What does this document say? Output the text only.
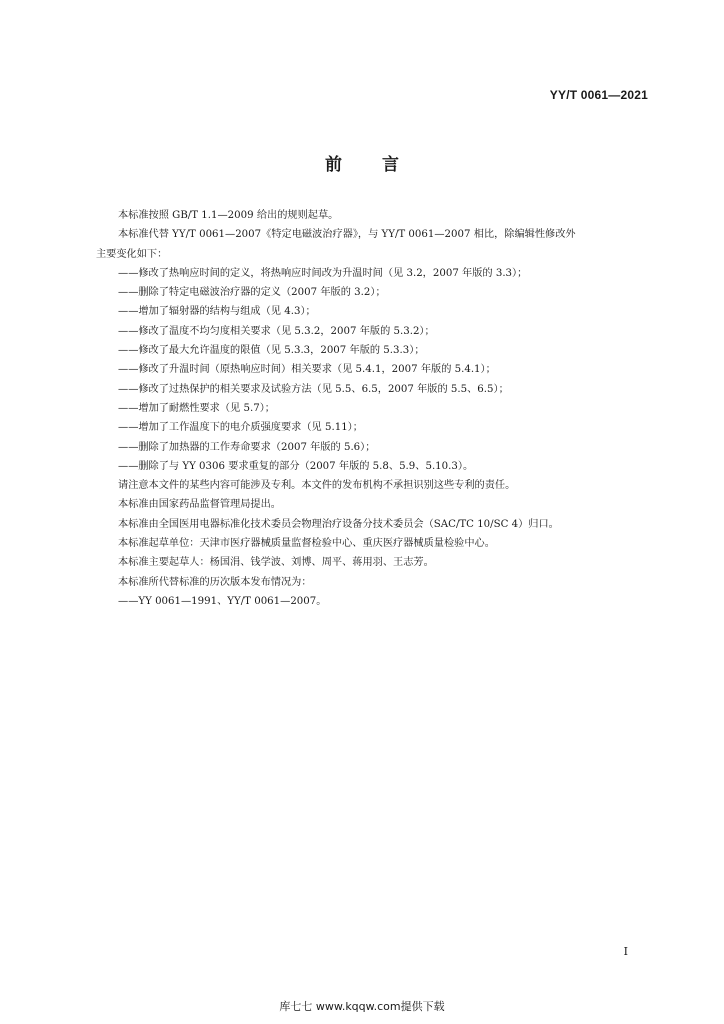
YY/T 0061—2021
前 言

本标准按照 GB/T 1.1—2009 给出的规则起草。

本标准代替 YY/T 0061—2007《特定电磁波治疗器》，与 YY/T 0061—2007 相比，除编辑性修改外

主要变化如下：

——修改了热响应时间的定义，将热响应时间改为升温时间（见 3.2，2007 年版的 3.3）；

——删除了特定电磁波治疗器的定义（2007 年版的 3.2）；

——增加了辐射器的结构与组成（见 4.3）；

——修改了温度不均匀度相关要求（见 5.3.2，2007 年版的 5.3.2）；

——修改了最大允许温度的限值（见 5.3.3，2007 年版的 5.3.3）；

——修改了升温时间（原热响应时间）相关要求（见 5.4.1，2007 年版的 5.4.1）；

——修改了过热保护的相关要求及试验方法（见 5.5、6.5，2007 年版的 5.5、6.5）；

——增加了耐燃性要求（见 5.7）；

——增加了工作温度下的电介质强度要求（见 5.11）；

——删除了加热器的工作寿命要求（2007 年版的 5.6）；

——删除了与 YY 0306 要求重复的部分（2007 年版的 5.8、5.9、5.10.3）。

请注意本文件的某些内容可能涉及专利。本文件的发布机构不承担识别这些专利的责任。

本标准由国家药品监督管理局提出。

本标准由全国医用电器标准化技术委员会物理治疗设备分技术委员会（SAC/TC 10/SC 4）归口。

本标准起草单位：天津市医疗器械质量监督检验中心、重庆医疗器械质量检验中心。

本标准主要起草人：杨国涓、钱学波、刘博、周平、蒋用羽、王志芳。

本标准所代替标准的历次版本发布情况为：

——YY 0061—1991、YY/T 0061—2007。

I
库七七 www.kqqw.com提供下载
